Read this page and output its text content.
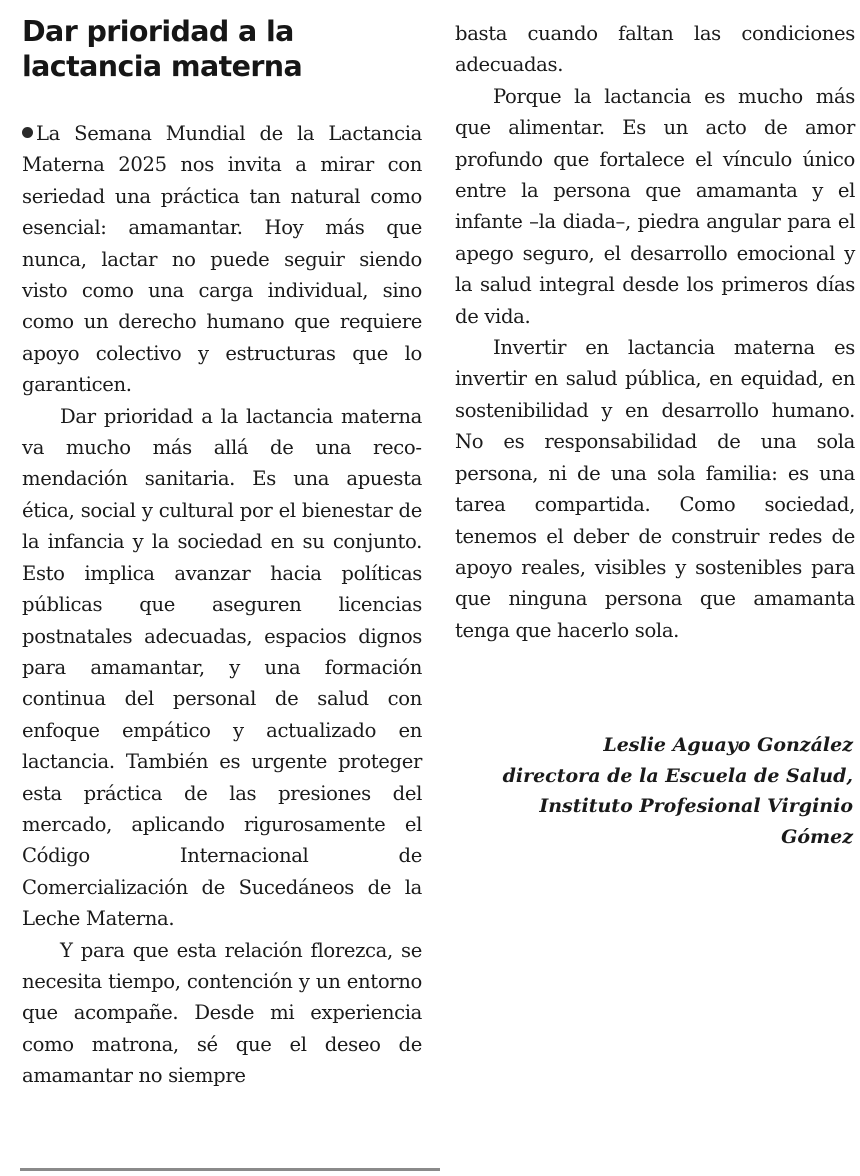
Dar prioridad a la lactancia materna

La Semana Mundial de la Lactancia Materna 2025 nos invita a mirar con seriedad una práctica tan natural como esencial: amamantar. Hoy más que nunca, lactar no puede seguir siendo visto como una carga individual, sino como un derecho humano que requiere apoyo colectivo y estructuras que lo garanticen.

Dar prioridad a la lactancia materna va mucho más allá de una recomendación sanitaria. Es una apuesta ética, social y cultural por el bienestar de la infancia y la sociedad en su conjunto. Esto implica avanzar hacia políticas públicas que aseguren licencias postnatales adecuadas, espacios dignos para amamantar, y una formación continua del personal de salud con enfoque empático y actualizado en lactancia. También es urgente proteger esta práctica de las presiones del mercado, aplicando rigurosamente el Código Internacional de Comercialización de Sucedáneos de la Leche Materna.

Y para que esta relación florezca, se necesita tiempo, contención y un entorno que acompañe. Desde mi experiencia como matrona, sé que el deseo de amamantar no siempre

basta cuando faltan las condiciones adecuadas.

Porque la lactancia es mucho más que alimentar. Es un acto de amor profundo que fortalece el vínculo único entre la persona que amamanta y el infante –la diada–, piedra angular para el apego seguro, el desarrollo emocional y la salud integral desde los primeros días de vida.

Invertir en lactancia materna es invertir en salud pública, en equidad, en sostenibilidad y en desarrollo humano. No es responsabilidad de una sola persona, ni de una sola familia: es una tarea compartida. Como sociedad, tenemos el deber de construir redes de apoyo reales, visibles y sostenibles para que ninguna persona que amamanta tenga que hacerlo sola.

Leslie Aguayo González
directora de la Escuela de Salud,
Instituto Profesional Virginio
Gómez
